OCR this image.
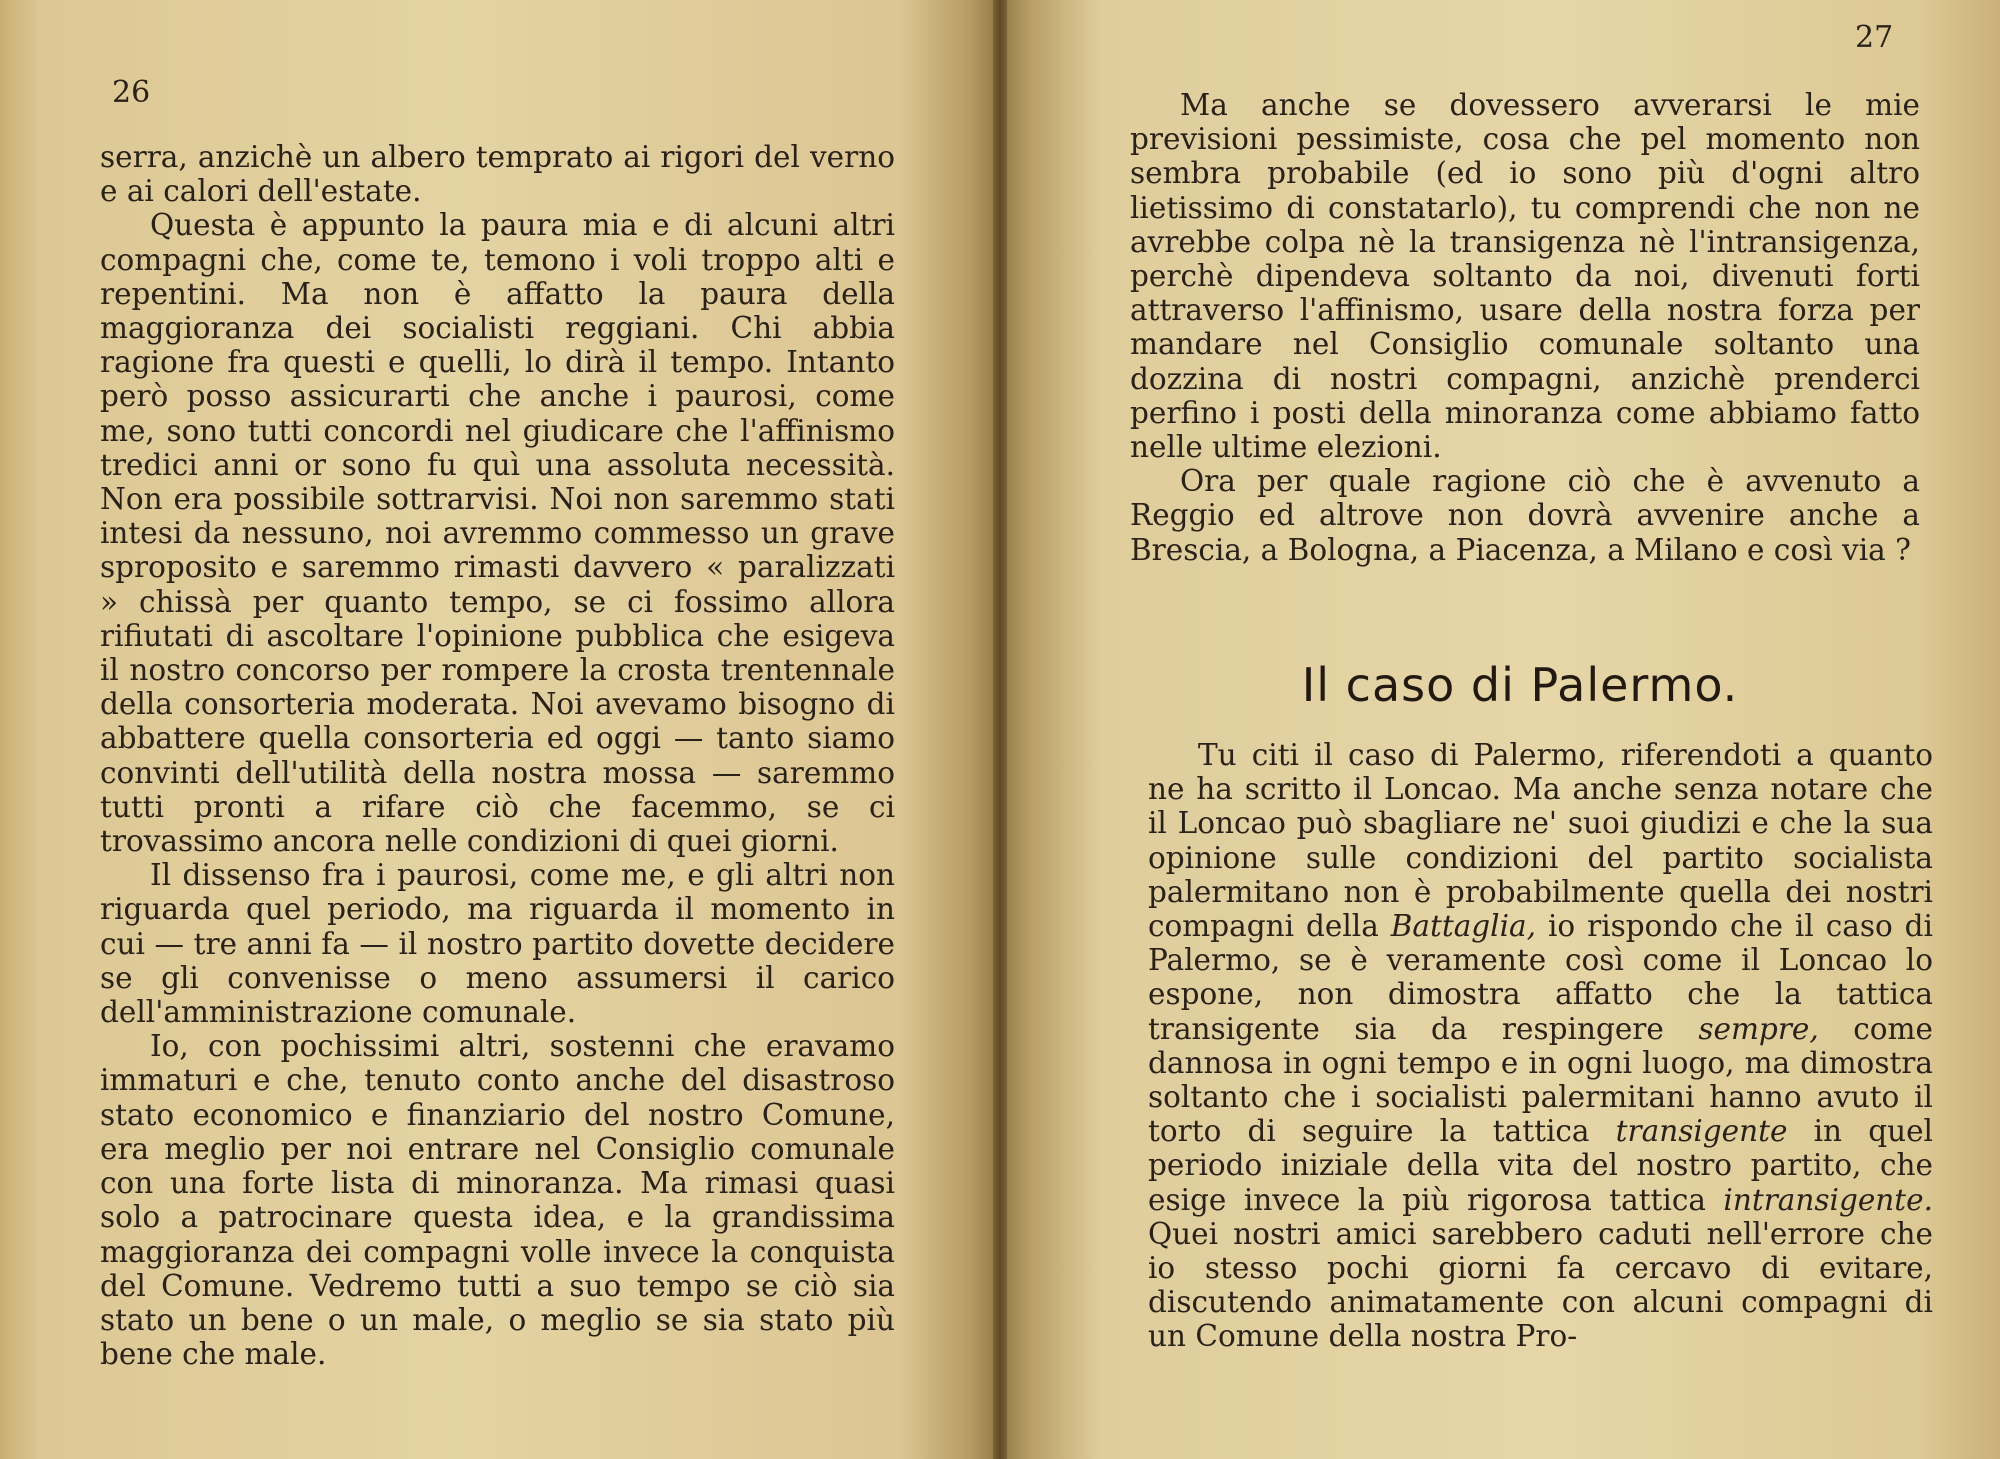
26

serra, anzichè un albero temprato ai rigori del verno e ai calori dell'estate.

Questa è appunto la paura mia e di alcuni altri compagni che, come te, temono i voli troppo alti e repentini. Ma non è affatto la paura della maggioranza dei socialisti reggiani. Chi abbia ragione fra questi e quelli, lo dirà il tempo. Intanto però posso assicurarti che anche i paurosi, come me, sono tutti concordi nel giudicare che l'affinismo tredici anni or sono fu quì una assoluta necessità. Non era possibile sottrarvisi. Noi non saremmo stati intesi da nessuno, noi avremmo commesso un grave sproposito e saremmo rimasti davvero « paralizzati » chissà per quanto tempo, se ci fossimo allora rifiutati di ascoltare l'opinione pubblica che esigeva il nostro concorso per rompere la crosta trentennale della consorteria moderata. Noi avevamo bisogno di abbattere quella consorteria ed oggi — tanto siamo convinti dell'utilità della nostra mossa — saremmo tutti pronti a rifare ciò che facemmo, se ci trovassimo ancora nelle condizioni di quei giorni.

Il dissenso fra i paurosi, come me, e gli altri non riguarda quel periodo, ma riguarda il momento in cui — tre anni fa — il nostro partito dovette decidere se gli convenisse o meno assumersi il carico dell'amministrazione comunale.

Io, con pochissimi altri, sostenni che eravamo immaturi e che, tenuto conto anche del disastroso stato economico e finanziario del nostro Comune, era meglio per noi entrare nel Consiglio comunale con una forte lista di minoranza. Ma rimasi quasi solo a patrocinare questa idea, e la grandissima maggioranza dei compagni volle invece la conquista del Comune. Vedremo tutti a suo tempo se ciò sia stato un bene o un male, o meglio se sia stato più bene che male.

27

Ma anche se dovessero avverarsi le mie previsioni pessimiste, cosa che pel momento non sembra probabile (ed io sono più d'ogni altro lietissimo di constatarlo), tu comprendi che non ne avrebbe colpa nè la transigenza nè l'intransigenza, perchè dipendeva soltanto da noi, divenuti forti attraverso l'affinismo, usare della nostra forza per mandare nel Consiglio comunale soltanto una dozzina di nostri compagni, anzichè prenderci perfino i posti della minoranza come abbiamo fatto nelle ultime elezioni.

Ora per quale ragione ciò che è avvenuto a Reggio ed altrove non dovrà avvenire anche a Brescia, a Bologna, a Piacenza, a Milano e così via ?

Il caso di Palermo.

Tu citi il caso di Palermo, riferendoti a quanto ne ha scritto il Loncao. Ma anche senza notare che il Loncao può sbagliare ne' suoi giudizi e che la sua opinione sulle condizioni del partito socialista palermitano non è probabilmente quella dei nostri compagni della Battaglia, io rispondo che il caso di Palermo, se è veramente così come il Loncao lo espone, non dimostra affatto che la tattica transigente sia da respingere sempre, come dannosa in ogni tempo e in ogni luogo, ma dimostra soltanto che i socialisti palermitani hanno avuto il torto di seguire la tattica transigente in quel periodo iniziale della vita del nostro partito, che esige invece la più rigorosa tattica intransigente. Quei nostri amici sarebbero caduti nell'errore che io stesso pochi giorni fa cercavo di evitare, discutendo animatamente con alcuni compagni di un Comune della nostra Pro-
